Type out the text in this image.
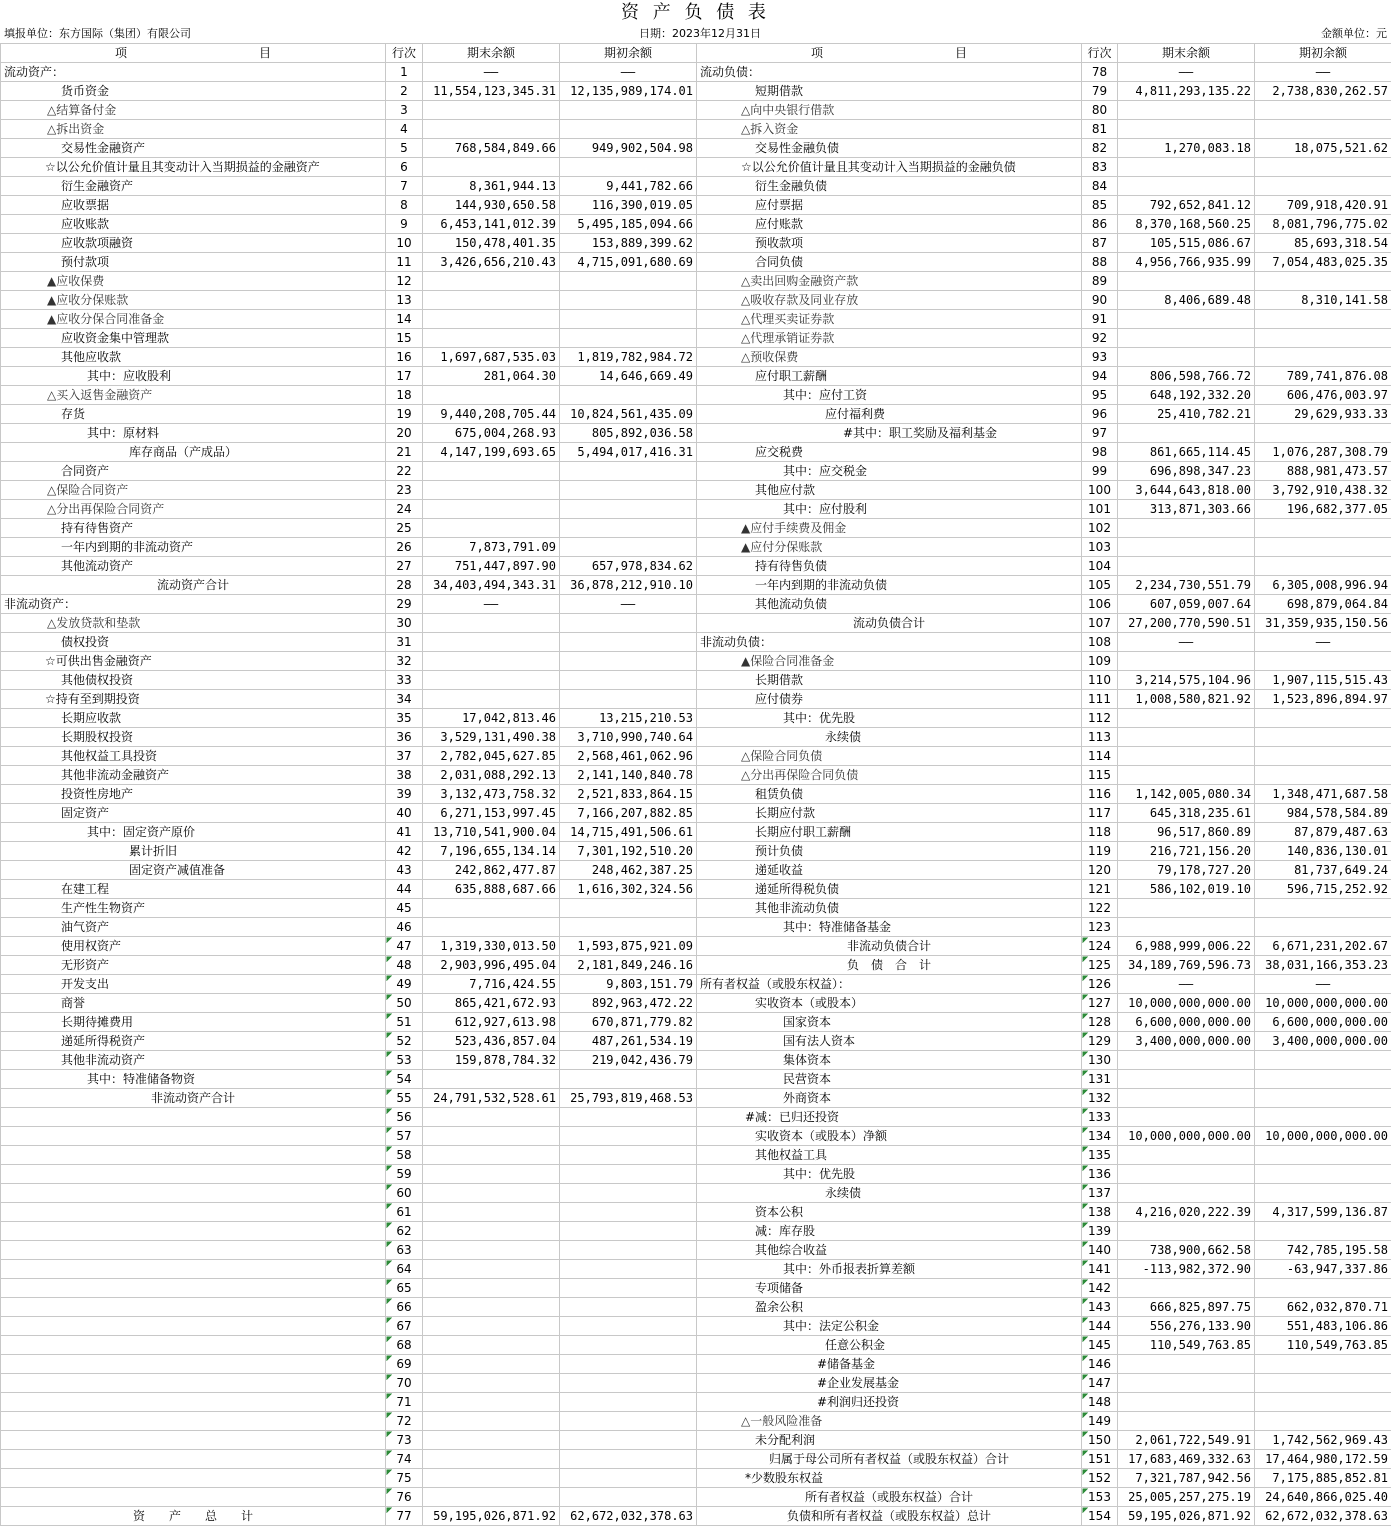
资 产 负 债 表
填报单位：东方国际（集团）有限公司	日期：2023年12月31日	金额单位：元
项　　　　　　　　　　　目	行次	期末余额	期初余额	项　　　　　　　　　　　目	行次	期末余额	期初余额
流动资产：	1	——	——	流动负债：	78	——	——
货币资金	2	11,554,123,345.31	12,135,989,174.01	短期借款	79	4,811,293,135.22	2,738,830,262.57
△结算备付金	3			△向中央银行借款	80		
△拆出资金	4			△拆入资金	81		
交易性金融资产	5	768,584,849.66	949,902,504.98	交易性金融负债	82	1,270,083.18	18,075,521.62
☆以公允价值计量且其变动计入当期损益的金融资产	6			☆以公允价值计量且其变动计入当期损益的金融负债	83		
衍生金融资产	7	8,361,944.13	9,441,782.66	衍生金融负债	84		
应收票据	8	144,930,650.58	116,390,019.05	应付票据	85	792,652,841.12	709,918,420.91
应收账款	9	6,453,141,012.39	5,495,185,094.66	应付账款	86	8,370,168,560.25	8,081,796,775.02
应收款项融资	10	150,478,401.35	153,889,399.62	预收款项	87	105,515,086.67	85,693,318.54
预付款项	11	3,426,656,210.43	4,715,091,680.69	合同负债	88	4,956,766,935.99	7,054,483,025.35
▲应收保费	12			△卖出回购金融资产款	89		
▲应收分保账款	13			△吸收存款及同业存放	90	8,406,689.48	8,310,141.58
▲应收分保合同准备金	14			△代理买卖证券款	91		
应收资金集中管理款	15			△代理承销证券款	92		
其他应收款	16	1,697,687,535.03	1,819,782,984.72	△预收保费	93		
其中：应收股利	17	281,064.30	14,646,669.49	应付职工薪酬	94	806,598,766.72	789,741,876.08
△买入返售金融资产	18			其中：应付工资	95	648,192,332.20	606,476,003.97
存货	19	9,440,208,705.44	10,824,561,435.09	应付福利费	96	25,410,782.21	29,629,933.33
其中：原材料	20	675,004,268.93	805,892,036.58	#其中：职工奖励及福利基金	97		
库存商品（产成品）	21	4,147,199,693.65	5,494,017,416.31	应交税费	98	861,665,114.45	1,076,287,308.79
合同资产	22			其中：应交税金	99	696,898,347.23	888,981,473.57
△保险合同资产	23			其他应付款	100	3,644,643,818.00	3,792,910,438.32
△分出再保险合同资产	24			其中：应付股利	101	313,871,303.66	196,682,377.05
持有待售资产	25			▲应付手续费及佣金	102		
一年内到期的非流动资产	26	7,873,791.09		▲应付分保账款	103		
其他流动资产	27	751,447,897.90	657,978,834.62	持有待售负债	104		
流动资产合计	28	34,403,494,343.31	36,878,212,910.10	一年内到期的非流动负债	105	2,234,730,551.79	6,305,008,996.94
非流动资产：	29	——	——	其他流动负债	106	607,059,007.64	698,879,064.84
△发放贷款和垫款	30			流动负债合计	107	27,200,770,590.51	31,359,935,150.56
债权投资	31			非流动负债：	108	——	——
☆可供出售金融资产	32			▲保险合同准备金	109		
其他债权投资	33			长期借款	110	3,214,575,104.96	1,907,115,515.43
☆持有至到期投资	34			应付债券	111	1,008,580,821.92	1,523,896,894.97
长期应收款	35	17,042,813.46	13,215,210.53	其中：优先股	112		
长期股权投资	36	3,529,131,490.38	3,710,990,740.64	永续债	113		
其他权益工具投资	37	2,782,045,627.85	2,568,461,062.96	△保险合同负债	114		
其他非流动金融资产	38	2,031,088,292.13	2,141,140,840.78	△分出再保险合同负债	115		
投资性房地产	39	3,132,473,758.32	2,521,833,864.15	租赁负债	116	1,142,005,080.34	1,348,471,687.58
固定资产	40	6,271,153,997.45	7,166,207,882.85	长期应付款	117	645,318,235.61	984,578,584.89
其中：固定资产原价	41	13,710,541,900.04	14,715,491,506.61	长期应付职工薪酬	118	96,517,860.89	87,879,487.63
累计折旧	42	7,196,655,134.14	7,301,192,510.20	预计负债	119	216,721,156.20	140,836,130.01
固定资产减值准备	43	242,862,477.87	248,462,387.25	递延收益	120	79,178,727.20	81,737,649.24
在建工程	44	635,888,687.66	1,616,302,324.56	递延所得税负债	121	586,102,019.10	596,715,252.92
生产性生物资产	45			其他非流动负债	122		
油气资产	46			其中：特准储备基金	123		
使用权资产	47	1,319,330,013.50	1,593,875,921.09	非流动负债合计	124	6,988,999,006.22	6,671,231,202.67
无形资产	48	2,903,996,495.04	2,181,849,246.16	负　债　合　计	125	34,189,769,596.73	38,031,166,353.23
开发支出	49	7,716,424.55	9,803,151.79	所有者权益（或股东权益）：	126	——	——
商誉	50	865,421,672.93	892,963,472.22	实收资本（或股本）	127	10,000,000,000.00	10,000,000,000.00
长期待摊费用	51	612,927,613.98	670,871,779.82	国家资本	128	6,600,000,000.00	6,600,000,000.00
递延所得税资产	52	523,436,857.04	487,261,534.19	国有法人资本	129	3,400,000,000.00	3,400,000,000.00
其他非流动资产	53	159,878,784.32	219,042,436.79	集体资本	130		
其中：特准储备物资	54			民营资本	131		
非流动资产合计	55	24,791,532,528.61	25,793,819,468.53	外商资本	132		
	56			#减：已归还投资	133		
	57			实收资本（或股本）净额	134	10,000,000,000.00	10,000,000,000.00
	58			其他权益工具	135		
	59			其中：优先股	136		
	60			永续债	137		
	61			资本公积	138	4,216,020,222.39	4,317,599,136.87
	62			减：库存股	139		
	63			其他综合收益	140	738,900,662.58	742,785,195.58
	64			其中：外币报表折算差额	141	-113,982,372.90	-63,947,337.86
	65			专项储备	142		
	66			盈余公积	143	666,825,897.75	662,032,870.71
	67			其中：法定公积金	144	556,276,133.90	551,483,106.86
	68			任意公积金	145	110,549,763.85	110,549,763.85
	69			#储备基金	146		
	70			#企业发展基金	147		
	71			#利润归还投资	148		
	72			△一般风险准备	149		
	73			未分配利润	150	2,061,722,549.91	1,742,562,969.43
	74			归属于母公司所有者权益（或股东权益）合计	151	17,683,469,332.63	17,464,980,172.59
	75			*少数股东权益	152	7,321,787,942.56	7,175,885,852.81
	76			所有者权益（或股东权益）合计	153	25,005,257,275.19	24,640,866,025.40
资　　产　　总　　计	77	59,195,026,871.92	62,672,032,378.63	负债和所有者权益（或股东权益）总计	154	59,195,026,871.92	62,672,032,378.63
